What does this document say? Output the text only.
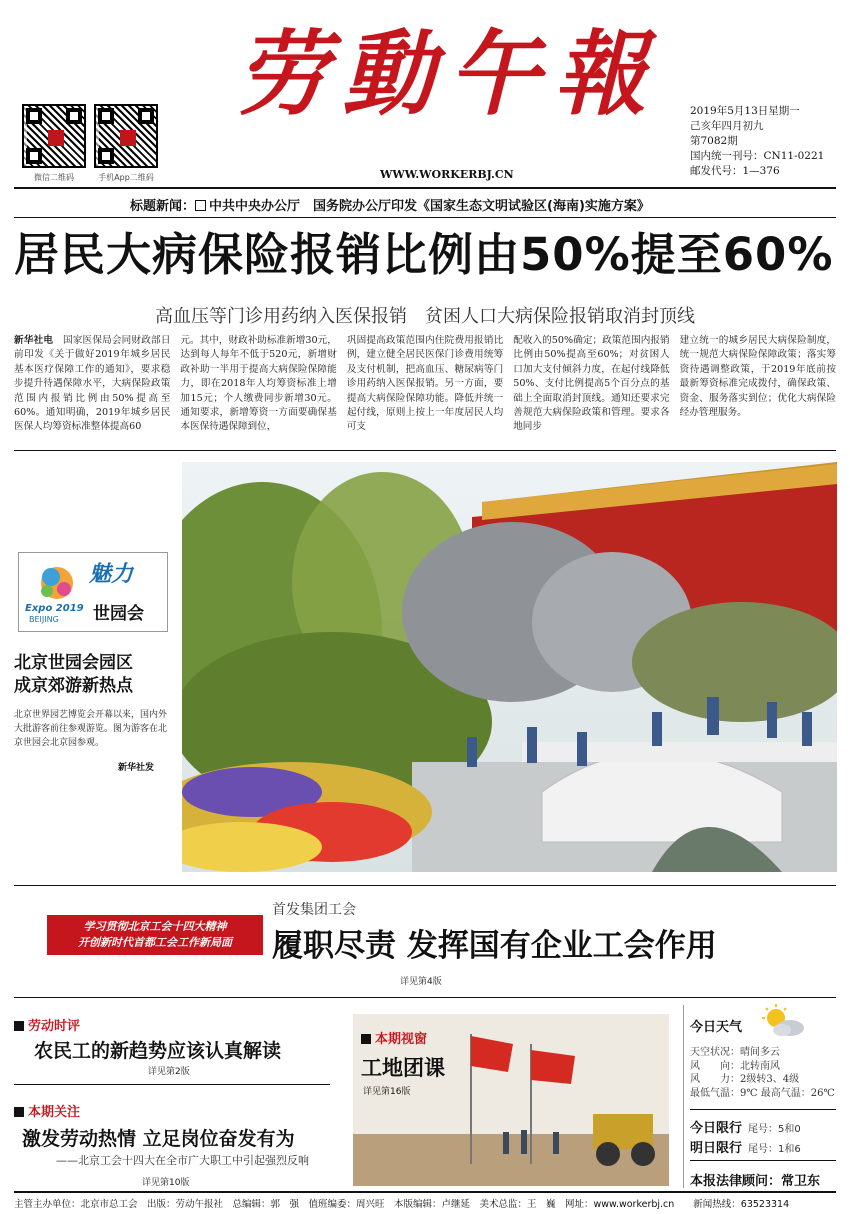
微信二维码	手机App二维码
劳動午報
WWW.WORKERBJ.CN
2019年5月13日星期一
己亥年四月初九
第7082期
国内统一刊号：CN11-0221
邮发代号：1—376
标题新闻： 中共中央办公厅　国务院办公厅印发《国家生态文明试验区(海南)实施方案》
居民大病保险报销比例由50%提至60%
高血压等门诊用药纳入医保报销　贫困人口大病保险报销取消封顶线
新华社电　 国家医保局会同财政部日前印发《关于做好2019年城乡居民基本医疗保障工作的通知》，要求稳步提升待遇保障水平，大病保险政策范围内报销比例由50%提高至60%。通知明确，2019年城乡居民医保人均筹资标准整体提高60
元。其中，财政补助标准新增30元，达到每人每年不低于520元，新增财政补助一半用于提高大病保险保障能力，即在2018年人均筹资标准上增加15元；个人缴费同步新增30元。通知要求，新增筹资一方面要确保基本医保待遇保障到位，
巩固提高政策范围内住院费用报销比例，建立健全居民医保门诊费用统筹及支付机制，把高血压、糖尿病等门诊用药纳入医保报销。另一方面，要提高大病保险保障功能。降低并统一起付线，原则上按上一年度居民人均可支
配收入的50%确定；政策范围内报销比例由50%提高至60%；对贫困人口加大支付倾斜力度，在起付线降低50%、支付比例提高5个百分点的基础上全面取消封顶线。通知还要求完善规范大病保险政策和管理。要求各地同步
建立统一的城乡居民大病保险制度，统一规范大病保险保障政策；落实筹资待遇调整政策，于2019年底前按最新筹资标准完成拨付，确保政策、资金、服务落实到位；优化大病保险经办管理服务。
魅力
Expo 2019
BEIJING 世园会
北京世园会园区
成京郊游新热点
北京世界园艺博览会开幕以来，国内外大批游客前往参观游览。图为游客在北京世园会北京园参观。
新华社发
学习贯彻北京工会十四大精神
开创新时代首都工会工作新局面
首发集团工会
履职尽责 发挥国有企业工会作用
详见第4版
劳动时评
农民工的新趋势应该认真解读
详见第2版
本期关注
激发劳动热情 立足岗位奋发有为
——北京工会十四大在全市广大职工中引起强烈反响
详见第10版
本期视窗
工地团课
详见第16版
今日天气
天空状况：晴间多云
风　　向：北转南风
风　　力：2级转3、4级
最低气温：9℃ 最高气温：26℃
今日限行 尾号：5和0
明日限行 尾号：1和6
本报法律顾问：常卫东
主管主办单位：北京市总工会　出版：劳动午报社　总编辑：郭　强　值班编委：周兴旺　本版编辑：卢继延　美术总监：王　巍　网址：www.workerbj.cn　　新闻热线：63523314
